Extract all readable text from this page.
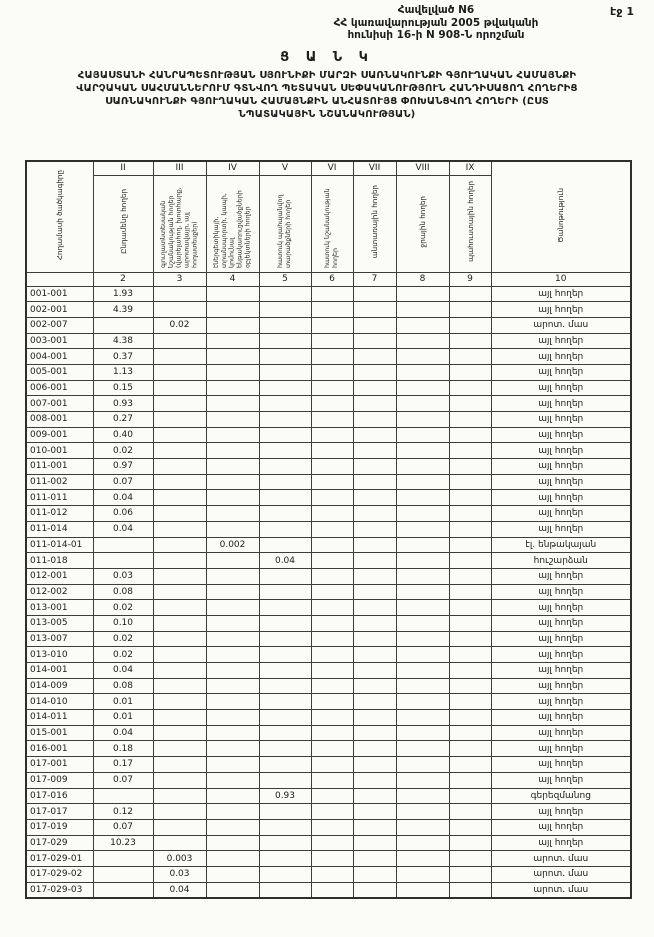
էջ 1
Հավելված N6
ՀՀ կառավարության 2005 թվականի
հունիսի 16-ի N 908-Ն որոշման
Ց Ա Ն Կ
ՀԱՅԱՍՏԱՆԻ ՀԱՆՐԱՊԵՏՈՒԹՅԱՆ ՍՅՈՒՆԻՔԻ ՄԱՐԶԻ ՍԱՌՆԱԿՈՒՆՔԻ ԳՅՈՒՂԱԿԱՆ ՀԱՄԱՅՆՔԻ
ՎԱՐՉԱԿԱՆ ՍԱՀՄԱՆՆԵՐՈՒՄ ԳՏՆՎՈՂ ՊԵՏԱԿԱՆ ՍԵՓԱԿԱՆՈՒԹՅՈՒՆ ՀԱՆԴԻՍԱՑՈՂ ՀՈՂԵՐԻՑ
ՍԱՌՆԱԿՈՒՆՔԻ ԳՅՈՒՂԱԿԱՆ ՀԱՄԱՅՆՔԻՆ ԱՆՀԱՏՈՒՅՑ ՓՈԽԱՆՑՎՈՂ ՀՈՂԵՐԻ (ԸՍՏ
ՆՊԱՏԱԿԱՅԻՆ ՆՇԱՆԱԿՈՒԹՅԱՆ)
Հողամասի ծածկագիրը	II	III	IV	V	VI	VII	VIII	IX	Ծանոթություն
	Ընդամենը հողեր	գյուղատնտեսական նշանակության հողեր (վարելահող, խոտհարք, արոտավայր, այլ հողատեսքեր)	էներգետիկայի, տրանսպորտի, կապի, կոմունալ ենթակառուցվածքների օբյեկտների հողեր	հատուկ պահպանվող տարածքների հողեր	հատուկ նշանակության հողեր	անտառային հողեր	ջրային հողեր	պահուստային հողեր	
	2	3	4	5	6	7	8	9	10
001-001	1.93								այլ հողեր
002-001	4.39								այլ հողեր
002-007		0.02							արոտ. մաս
003-001	4.38								այլ հողեր
004-001	0.37								այլ հողեր
005-001	1.13								այլ հողեր
006-001	0.15								այլ հողեր
007-001	0.93								այլ հողեր
008-001	0.27								այլ հողեր
009-001	0.40								այլ հողեր
010-001	0.02								այլ հողեր
011-001	0.97								այլ հողեր
011-002	0.07								այլ հողեր
011-011	0.04								այլ հողեր
011-012	0.06								այլ հողեր
011-014	0.04								այլ հողեր
011-014-01			0.002						էլ. ենթակայան
011-018				0.04					հուշարձան
012-001	0.03								այլ հողեր
012-002	0.08								այլ հողեր
013-001	0.02								այլ հողեր
013-005	0.10								այլ հողեր
013-007	0.02								այլ հողեր
013-010	0.02								այլ հողեր
014-001	0.04								այլ հողեր
014-009	0.08								այլ հողեր
014-010	0.01								այլ հողեր
014-011	0.01								այլ հողեր
015-001	0.04								այլ հողեր
016-001	0.18								այլ հողեր
017-001	0.17								այլ հողեր
017-009	0.07								այլ հողեր
017-016				0.93					գերեզմանոց
017-017	0.12								այլ հողեր
017-019	0.07								այլ հողեր
017-029	10.23								այլ հողեր
017-029-01		0.003							արոտ. մաս
017-029-02		0.03							արոտ. մաս
017-029-03		0.04							արոտ. մաս
